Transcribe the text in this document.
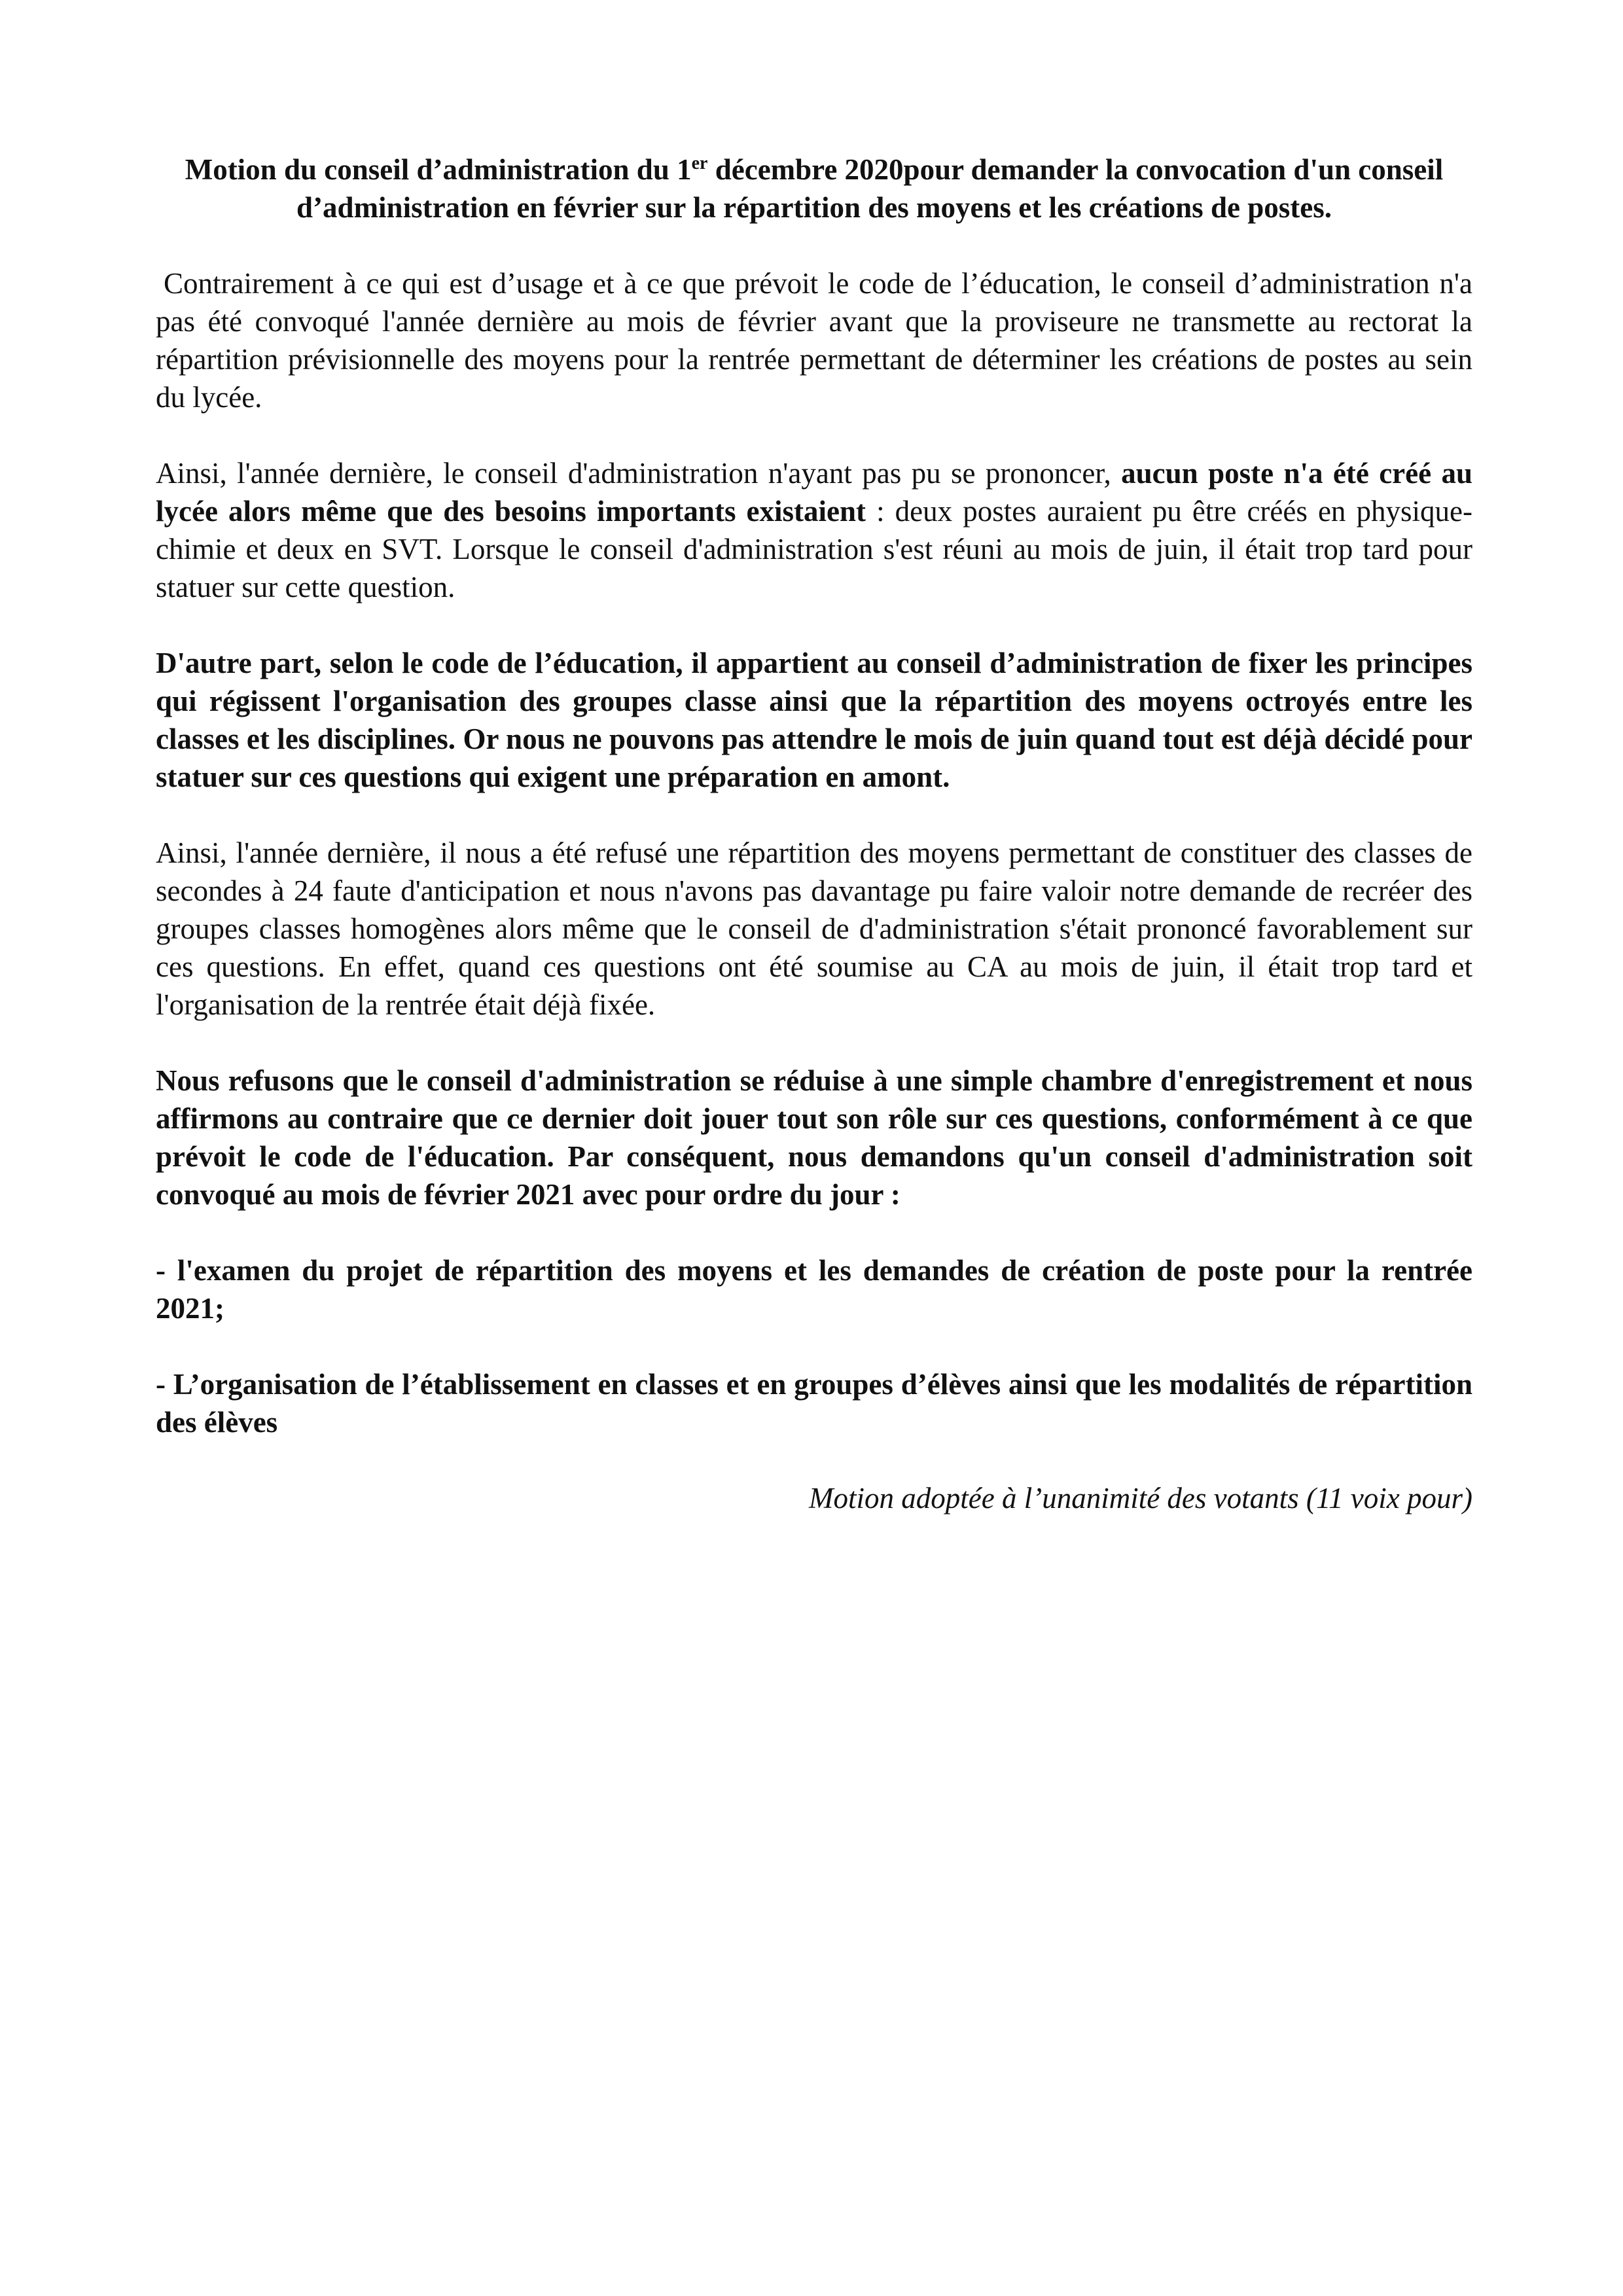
Motion du conseil d’administration du 1er décembre 2020pour demander la convocation d'un conseil d’administration en février sur la répartition des moyens et les créations de postes.

Contrairement à ce qui est d’usage et à ce que prévoit le code de l’éducation, le conseil d’administration n'a pas été convoqué l'année dernière au mois de février avant que la proviseure ne transmette au rectorat la répartition prévisionnelle des moyens pour la rentrée permettant de déterminer les créations de postes au sein du lycée.

Ainsi, l'année dernière, le conseil d'administration n'ayant pas pu se prononcer, aucun poste n'a été créé au lycée alors même que des besoins importants existaient : deux postes auraient pu être créés en physique-chimie et deux en SVT. Lorsque le conseil d'administration s'est réuni au mois de juin, il était trop tard pour statuer sur cette question.

D'autre part, selon le code de l’éducation, il appartient au conseil d’administration de fixer les principes qui régissent l'organisation des groupes classe ainsi que la répartition des moyens octroyés entre les classes et les disciplines. Or nous ne pouvons pas attendre le mois de juin quand tout est déjà décidé pour statuer sur ces questions qui exigent une préparation en amont.

Ainsi, l'année dernière, il nous a été refusé une répartition des moyens permettant de constituer des classes de secondes à 24 faute d'anticipation et nous n'avons pas davantage pu faire valoir notre demande de recréer des groupes classes homogènes alors même que le conseil de d'administration s'était prononcé favorablement sur ces questions. En effet, quand ces questions ont été soumise au CA au mois de juin, il était trop tard et l'organisation de la rentrée était déjà fixée.

Nous refusons que le conseil d'administration se réduise à une simple chambre d'enregistrement et nous affirmons au contraire que ce dernier doit jouer tout son rôle sur ces questions, conformément à ce que prévoit le code de l'éducation. Par conséquent, nous demandons qu'un conseil d'administration soit convoqué au mois de février 2021 avec pour ordre du jour :

- l'examen du projet de répartition des moyens et les demandes de création de poste pour la rentrée 2021;

- L’organisation de l’établissement en classes et en groupes d’élèves ainsi que les modalités de répartition des élèves

Motion adoptée à l’unanimité des votants (11 voix pour)
